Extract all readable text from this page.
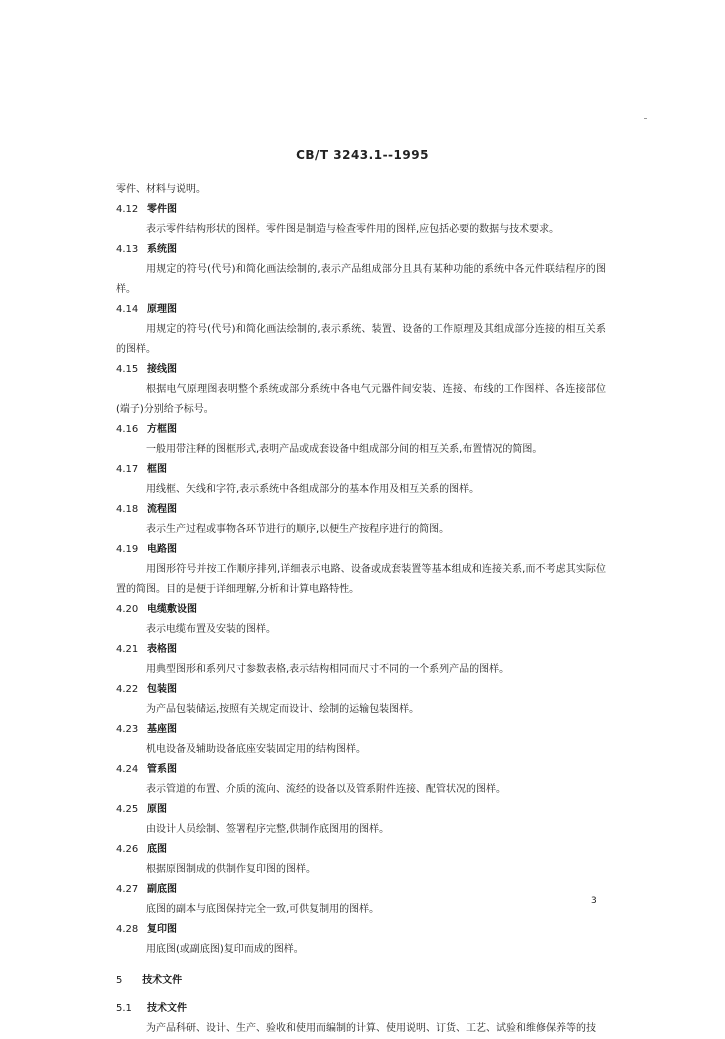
CB/T 3243.1--1995
零件、材料与说明。
4.12 零件图
表示零件结构形状的图样。零件图是制造与检查零件用的图样,应包括必要的数据与技术要求。
4.13 系统图
用规定的符号(代号)和简化画法绘制的,表示产品组成部分且具有某种功能的系统中各元件联结程序的图样。
4.14 原理图
用规定的符号(代号)和简化画法绘制的,表示系统、装置、设备的工作原理及其组成部分连接的相互关系的图样。
4.15 接线图
根据电气原理图表明整个系统或部分系统中各电气元器件间安装、连接、布线的工作图样、各连接部位(端子)分别给予标号。
4.16 方框图
一般用带注释的图框形式,表明产品或成套设备中组成部分间的相互关系,布置情况的简图。
4.17 框图
用线框、矢线和字符,表示系统中各组成部分的基本作用及相互关系的图样。
4.18 流程图
表示生产过程或事物各环节进行的顺序,以便生产按程序进行的简图。
4.19 电路图
用图形符号并按工作顺序排列,详细表示电路、设备或成套装置等基本组成和连接关系,而不考虑其实际位置的简图。目的是便于详细理解,分析和计算电路特性。
4.20 电缆敷设图
表示电缆布置及安装的图样。
4.21 表格图
用典型图形和系列尺寸参数表格,表示结构相同而尺寸不同的一个系列产品的图样。
4.22 包装图
为产品包装储运,按照有关规定而设计、绘制的运输包装图样。
4.23 基座图
机电设备及辅助设备底座安装固定用的结构图样。
4.24 管系图
表示管道的布置、介质的流向、流经的设备以及管系附件连接、配管状况的图样。
4.25 原图
由设计人员绘制、签署程序完整,供制作底图用的图样。
4.26 底图
根据原图制成的供制作复印图的图样。
4.27 副底图
底图的副本与底图保持完全一致,可供复制用的图样。
4.28 复印图
用底图(或副底图)复印而成的图样。
5 技术文件
5.1	技术文件
为产品科研、设计、生产、验收和使用而编制的计算、使用说明、订货、工艺、试验和维修保养等的技
3
